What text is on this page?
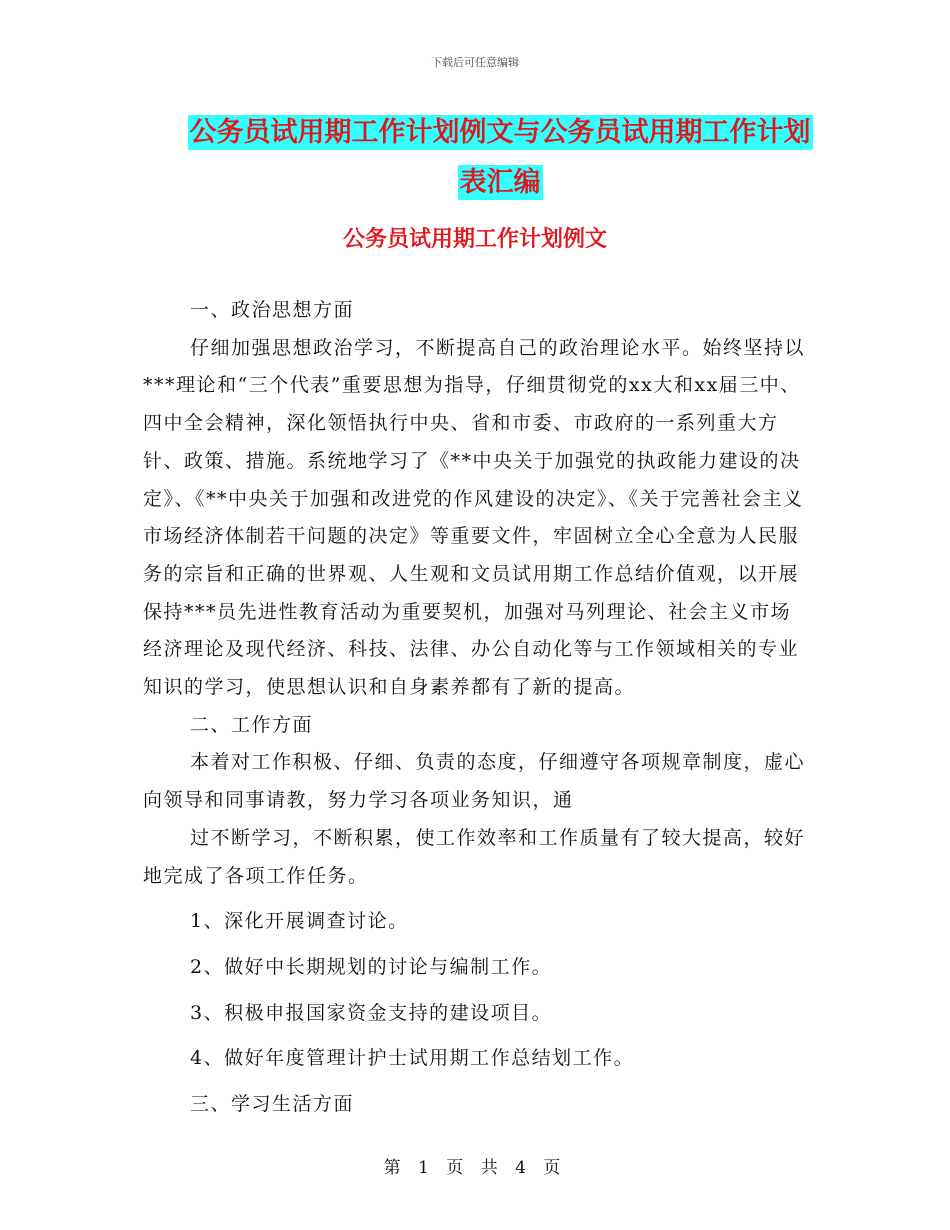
下载后可任意编辑
公务员试用期工作计划例文与公务员试用期工作计划
表汇编
公务员试用期工作计划例文

一、政治思想方面

仔细加强思想政治学习，不断提高自己的政治理论水平。始终坚持以***理论和“三个代表”重要思想为指导，仔细贯彻党的xx大和xx届三中、四中全会精神，深化领悟执行中央、省和市委、市政府的一系列重大方针、政策、措施。系统地学习了《**中央关于加强党的执政能力建设的决定》、《**中央关于加强和改进党的作风建设的决定》、《关于完善社会主义市场经济体制若干问题的决定》等重要文件，牢固树立全心全意为人民服务的宗旨和正确的世界观、人生观和文员试用期工作总结价值观，以开展保持***员先进性教育活动为重要契机，加强对马列理论、社会主义市场经济理论及现代经济、科技、法律、办公自动化等与工作领域相关的专业知识的学习，使思想认识和自身素养都有了新的提高。

二、工作方面

本着对工作积极、仔细、负责的态度，仔细遵守各项规章制度，虚心向领导和同事请教，努力学习各项业务知识，通

过不断学习，不断积累，使工作效率和工作质量有了较大提高，较好地完成了各项工作任务。

1、深化开展调查讨论。

2、做好中长期规划的讨论与编制工作。

3、积极申报国家资金支持的建设项目。

4、做好年度管理计护士试用期工作总结划工作。

三、学习生活方面

第 1 页 共 4 页
